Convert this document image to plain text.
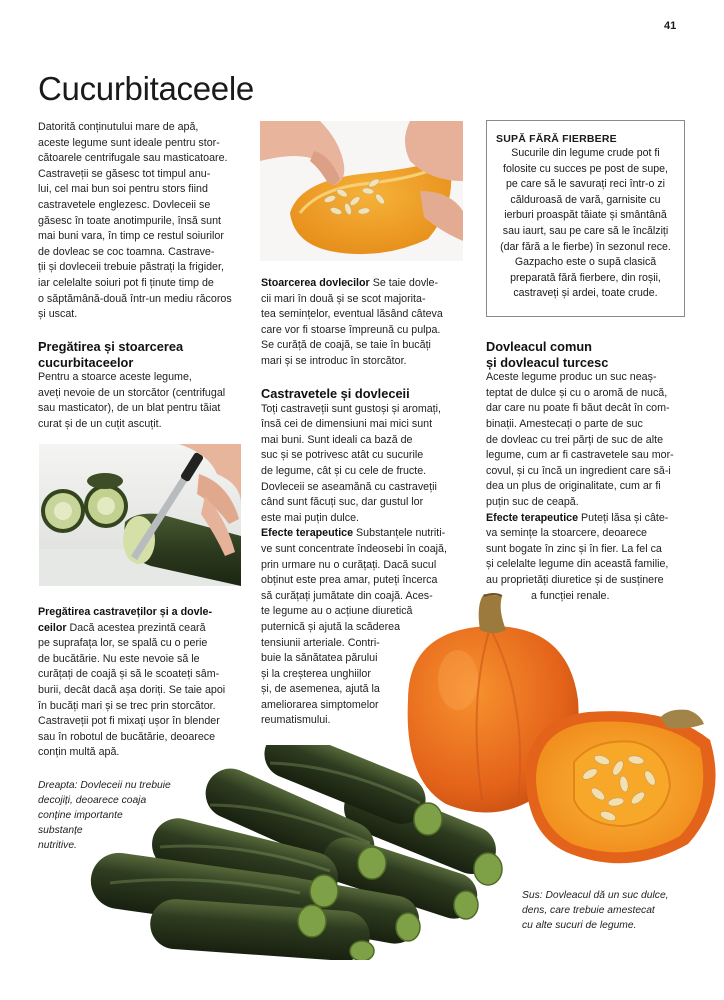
41
Cucurbitaceele

Datorită conținutului mare de apă,

aceste legume sunt ideale pentru stor-

cătoarele centrifugale sau masticatoare.

Castraveții se găsesc tot timpul anu-

lui, cel mai bun soi pentru stors fiind

castravetele englezesc. Dovleceii se

găsesc în toate anotimpurile, însă sunt

mai buni vara, în timp ce restul soiurilor

de dovleac se coc toamna. Castrave-

ții și dovleceii trebuie păstrați la frigider,

iar celelalte soiuri pot fi ținute timp de

o săptămână-două într-un mediu răcoros

și uscat.

Pregătirea și stoarcerea

cucurbitaceelor

Pentru a stoarce aceste legume,

aveți nevoie de un storcător (centrifugal

sau masticator), de un blat pentru tăiat

curat și de un cuțit ascuțit.

Pregătirea castraveților și a dovle-

ceilor Dacă acestea prezintă ceară

pe suprafața lor, se spală cu o perie

de bucătărie. Nu este nevoie să le

curățați de coajă și să le scoateți sâm-

burii, decât dacă așa doriți. Se taie apoi

în bucăți mari și se trec prin storcător.

Castraveții pot fi mixați ușor în blender

sau în robotul de bucătărie, deoarece

conțin multă apă.

Stoarcerea dovlecilor Se taie dovle-

cii mari în două și se scot majorita-

tea semințelor, eventual lăsând câteva

care vor fi stoarse împreună cu pulpa.

Se curăță de coajă, se taie în bucăți

mari și se introduc în storcător.

Castravetele și dovleceii

Toți castraveții sunt gustoși și aromați,

însă cei de dimensiuni mai mici sunt

mai buni. Sunt ideali ca bază de

suc și se potrivesc atât cu sucurile

de legume, cât și cu cele de fructe.

Dovleceii se aseamănă cu castraveții

când sunt făcuți suc, dar gustul lor

este mai puțin dulce.

Efecte terapeutice Substanțele nutriti-

ve sunt concentrate îndeosebi în coajă,

prin urmare nu o curățați. Dacă sucul

obținut este prea amar, puteți încerca

să curățați jumătate din coajă. Aces-

te legume au o acțiune diuretică

puternică și ajută la scăderea

tensiunii arteriale. Contri-

buie la sănătatea părului

și la creșterea unghiilor

și, de asemenea, ajută la

ameliorarea simptomelor

reumatismului.

SUPĂ FĂRĂ FIERBERE

Sucurile din legume crude pot fi

folosite cu succes pe post de supe,

pe care să le savurați reci într-o zi

călduroasă de vară, garnisite cu

ierburi proaspăt tăiate și smântână

sau iaurt, sau pe care să le încălziți

(dar fără a le fierbe) în sezonul rece.

Gazpacho este o supă clasică

preparată fără fierbere, din roșii,

castraveți și ardei, toate crude.

Dovleacul comun

și dovleacul turcesc

Aceste legume produc un suc neaș-

teptat de dulce și cu o aromă de nucă,

dar care nu poate fi băut decât în com-

binații. Amestecați o parte de suc

de dovleac cu trei părți de suc de alte

legume, cum ar fi castravetele sau mor-

covul, și cu încă un ingredient care să-i

dea un plus de originalitate, cum ar fi

puțin suc de ceapă.

Efecte terapeutice Puteți lăsa și câte-

va semințe la stoarcere, deoarece

sunt bogate în zinc și în fier. La fel ca

și celelalte legume din această familie,

au proprietăți diuretice și de susținere

a funcției renale.

Dreapta: Dovleceii nu trebuie

decojiți, deoarece coaja

conține importante

substanțe

nutritive.

Sus: Dovleacul dă un suc dulce,

dens, care trebuie amestecat

cu alte sucuri de legume.
